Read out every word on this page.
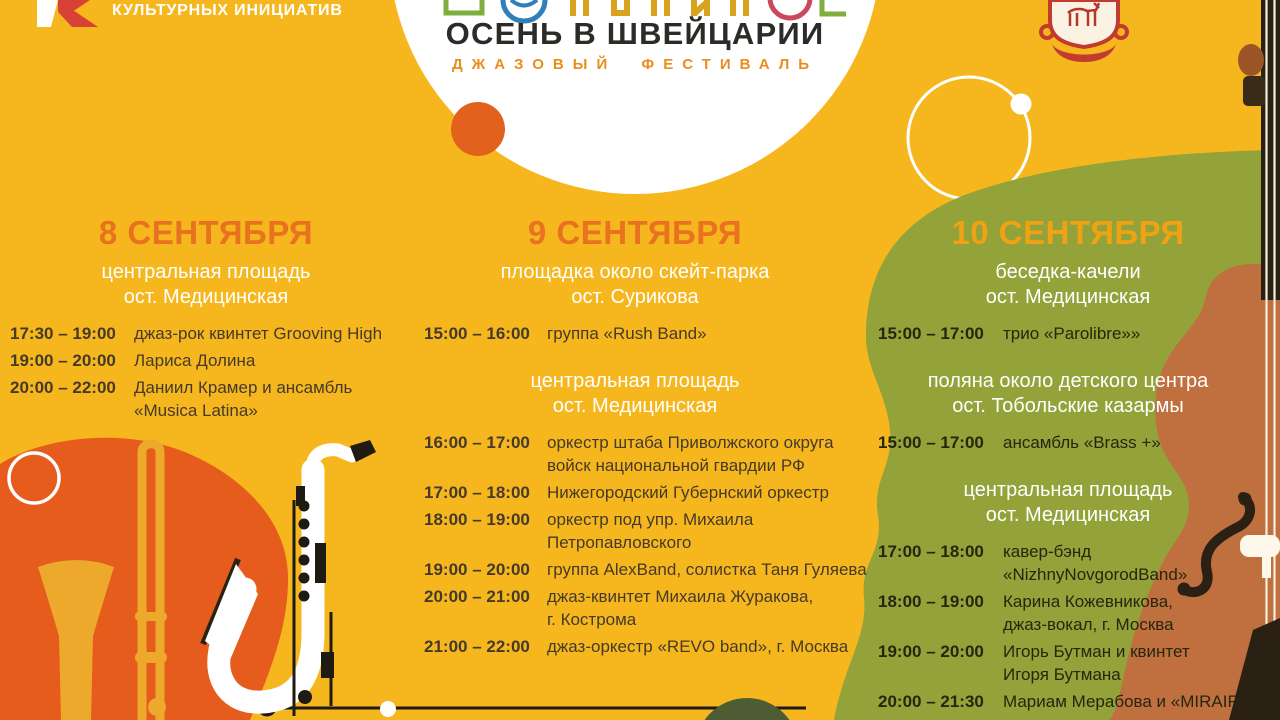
КУЛЬТУРНЫХ ИНИЦИАТИВ
ОСЕНЬ В ШВЕЙЦАРИИ
ДЖАЗОВЫЙ ФЕСТИВАЛЬ
8 СЕНТЯБРЯ
центральная площадь
ост. Медицинская
17:30 – 19:00	джаз-рок квинтет Grooving High
19:00 – 20:00	Лариса Долина
20:00 – 22:00	Даниил Крамер и ансамбль
«Musica Latina»
9 СЕНТЯБРЯ
площадка около скейт-парка
ост. Сурикова
15:00 – 16:00	группа «Rush Band»
центральная площадь
ост. Медицинская
16:00 – 17:00	оркестр штаба Приволжского округа
войск национальной гвардии РФ
17:00 – 18:00	Нижегородский Губернский оркестр
18:00 – 19:00	оркестр под упр. Михаила
Петропавловского
19:00 – 20:00	группа AlexBand, солистка Таня Гуляева
20:00 – 21:00	джаз-квинтет Михаила Журакова,
г. Кострома
21:00 – 22:00	джаз-оркестр «REVO band», г. Москва
10 СЕНТЯБРЯ
беседка-качели
ост. Медицинская
15:00 – 17:00	трио «Parolibre»»
поляна около детского центра
ост. Тобольские казармы
15:00 – 17:00	ансамбль «Brass +»
центральная площадь
ост. Медицинская
17:00 – 18:00	кавер-бэнд
«NizhnyNovgorodBand»
18:00 – 19:00	Карина Кожевникова,
джаз-вокал, г. Москва
19:00 – 20:00	Игорь Бутман и квинтет
Игоря Бутмана
20:00 – 21:30	Мариам Мерабова и «MIRAIF»
